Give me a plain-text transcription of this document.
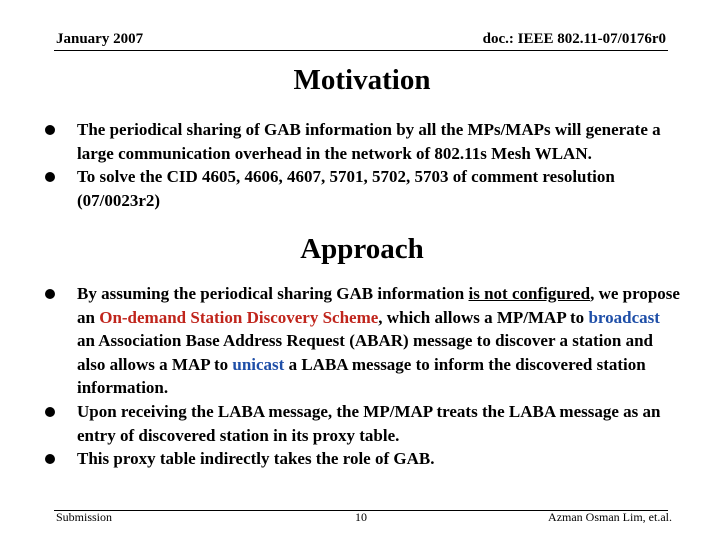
January 2007	doc.: IEEE 802.11-07/0176r0
Motivation

The periodical sharing of GAB information by all the MPs/MAPs will generate a large communication overhead in the network of 802.11s Mesh WLAN.

To solve the CID 4605, 4606, 4607, 5701, 5702, 5703 of comment resolution (07/0023r2)

Approach

By assuming the periodical sharing GAB information is not configured, we propose an On-demand Station Discovery Scheme, which allows a MP/MAP to broadcast an Association Base Address Request (ABAR) message to discover a station and also allows a MAP to unicast a LABA message to inform the discovered station information.

Upon receiving the LABA message, the MP/MAP treats the LABA message as an entry of discovered station in its proxy table.

This proxy table indirectly takes the role of GAB.

Submission	10	Azman Osman Lim, et.al.
